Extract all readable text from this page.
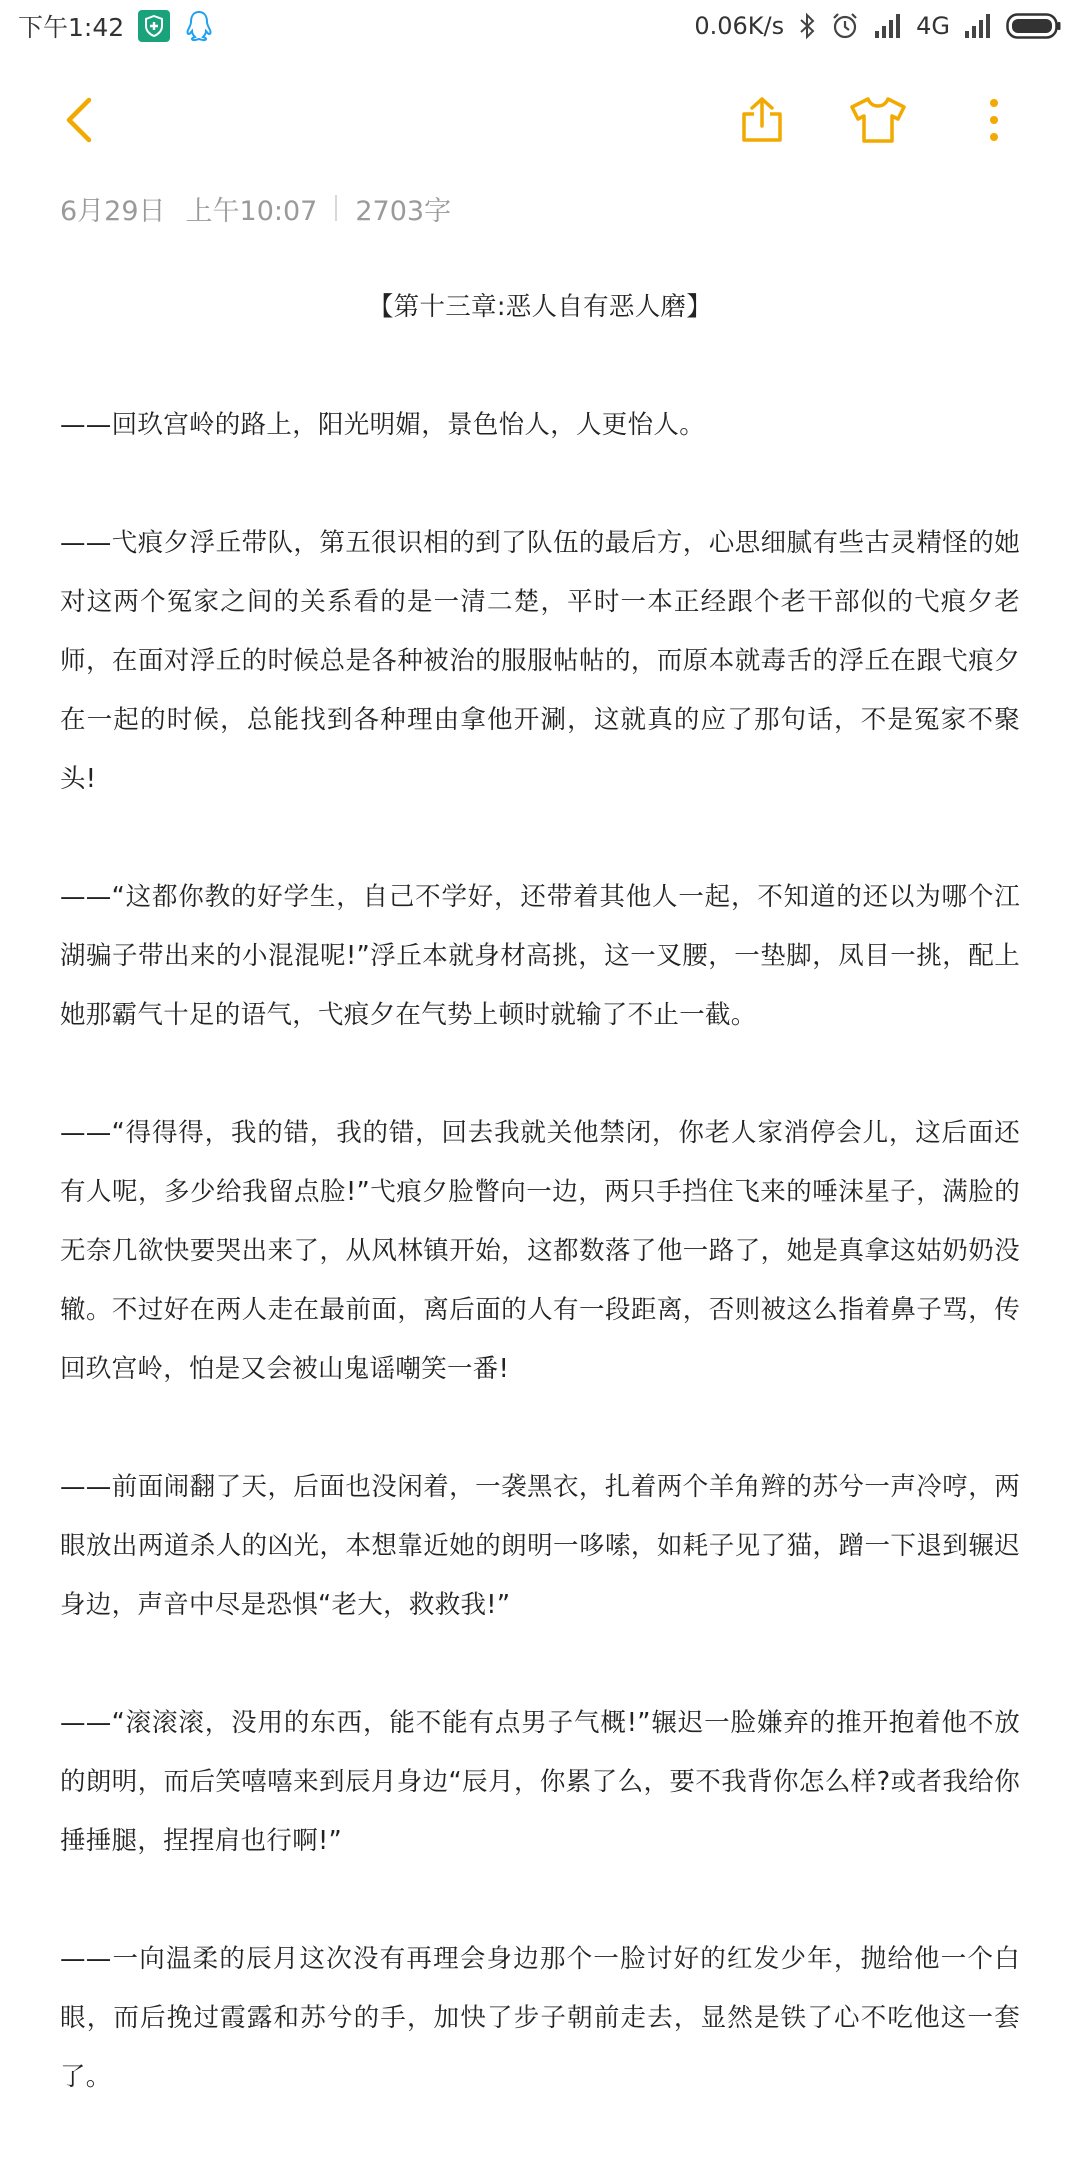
下午1:42	0.06K/s	4G
6月29日 上午10:07 2703字
【第十三章:恶人自有恶人磨】

——回玖宫岭的路上，阳光明媚，景色怡人，人更怡人。

——弋痕夕浮丘带队，第五很识相的到了队伍的最后方，心思细腻有些古灵精怪的她对这两个冤家之间的关系看的是一清二楚，平时一本正经跟个老干部似的弋痕夕老师，在面对浮丘的时候总是各种被治的服服帖帖的，而原本就毒舌的浮丘在跟弋痕夕在一起的时候，总能找到各种理由拿他开涮，这就真的应了那句话，不是冤家不聚头!

——“这都你教的好学生，自己不学好，还带着其他人一起，不知道的还以为哪个江湖骗子带出来的小混混呢!”浮丘本就身材高挑，这一叉腰，一垫脚，凤目一挑，配上她那霸气十足的语气，弋痕夕在气势上顿时就输了不止一截。

——“得得得，我的错，我的错，回去我就关他禁闭，你老人家消停会儿，这后面还有人呢，多少给我留点脸!”弋痕夕脸瞥向一边，两只手挡住飞来的唾沫星子，满脸的无奈几欲快要哭出来了，从风林镇开始，这都数落了他一路了，她是真拿这姑奶奶没辙。不过好在两人走在最前面，离后面的人有一段距离，否则被这么指着鼻子骂，传回玖宫岭，怕是又会被山鬼谣嘲笑一番!

——前面闹翻了天，后面也没闲着，一袭黑衣，扎着两个羊角辫的苏兮一声冷哼，两眼放出两道杀人的凶光，本想靠近她的朗明一哆嗦，如耗子见了猫，蹭一下退到辗迟身边，声音中尽是恐惧“老大，救救我!”

——“滚滚滚，没用的东西，能不能有点男子气概!”辗迟一脸嫌弃的推开抱着他不放的朗明，而后笑嘻嘻来到辰月身边“辰月，你累了么，要不我背你怎么样?或者我给你捶捶腿，捏捏肩也行啊!”

——一向温柔的辰月这次没有再理会身边那个一脸讨好的红发少年，抛给他一个白眼，而后挽过霞露和苏兮的手，加快了步子朝前走去，显然是铁了心不吃他这一套了。
